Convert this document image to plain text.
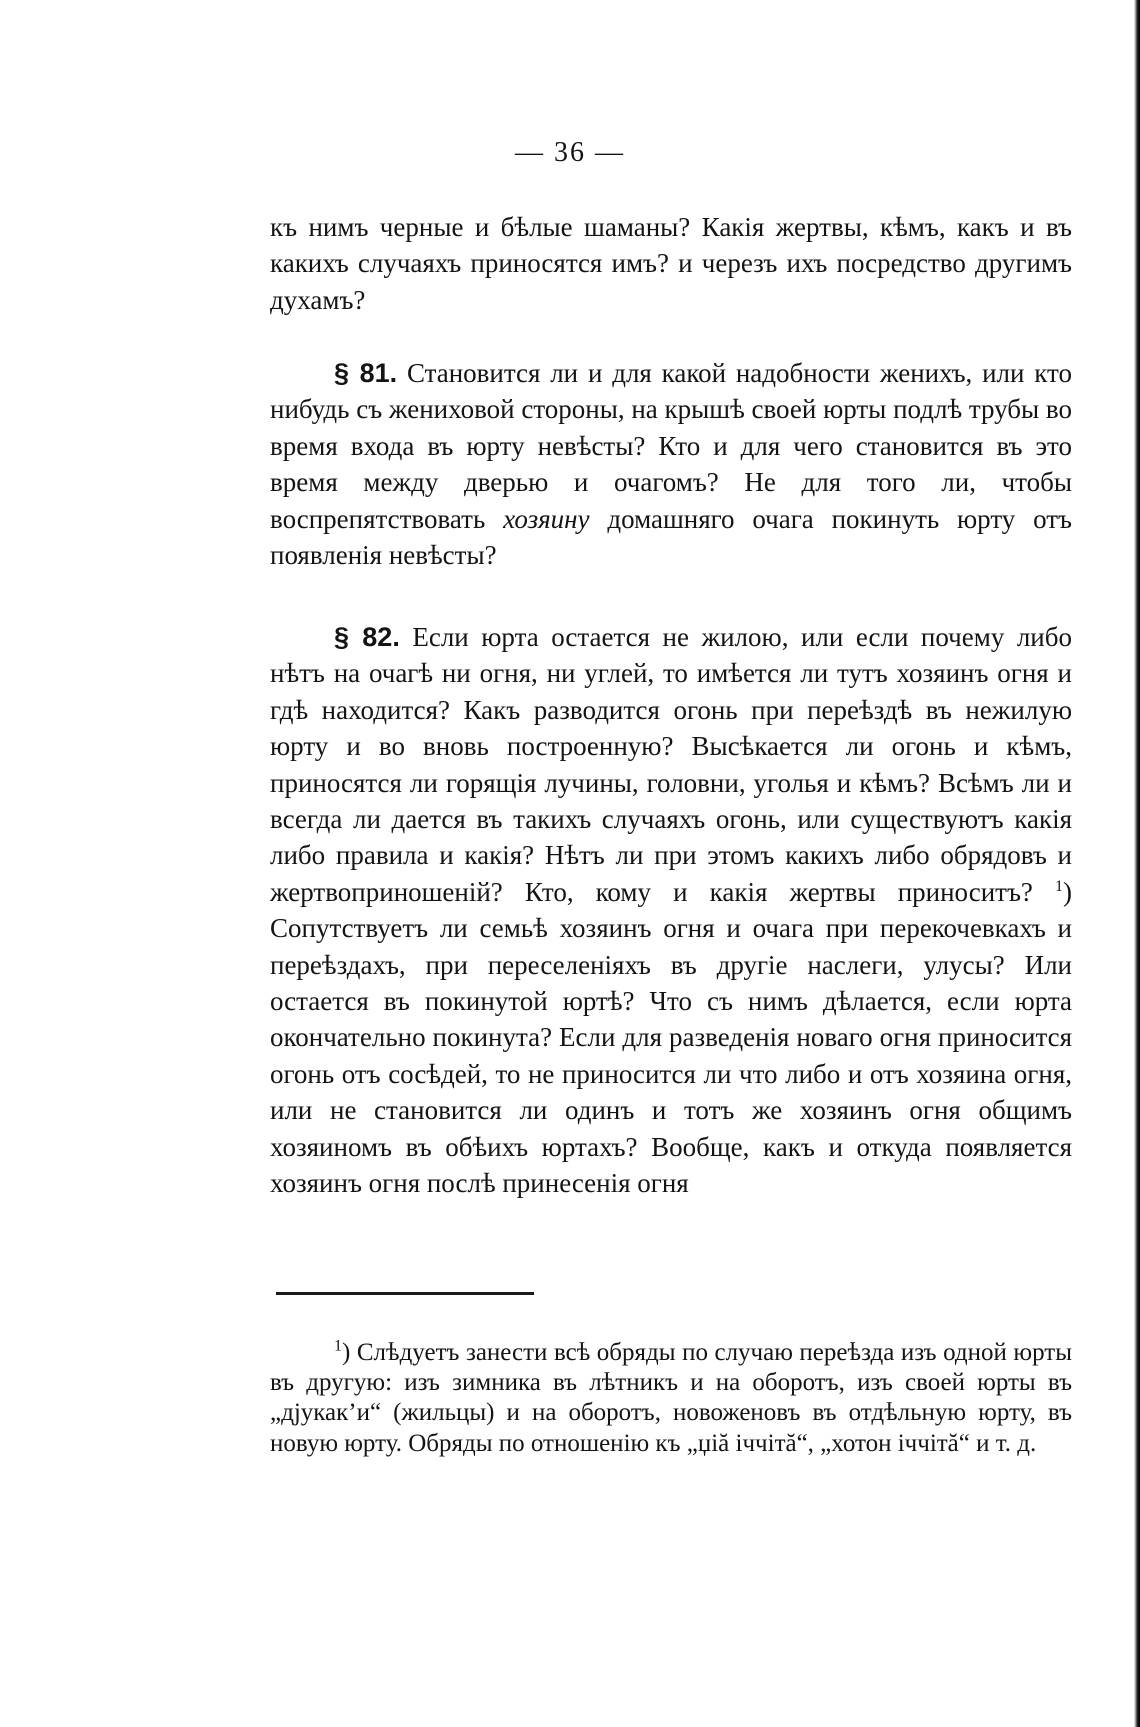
— 36 —

къ нимъ черные и бѣлые шаманы? Какія жертвы, кѣмъ, какъ и въ какихъ случаяхъ приносятся имъ? и черезъ ихъ посредство другимъ духамъ?

§ 81. Становится ли и для какой надобности женихъ, или кто нибудь съ жениховой стороны, на крышѣ своей юрты подлѣ трубы во время входа въ юрту невѣсты? Кто и для чего становится въ это время между дверью и очагомъ? Не для того ли, чтобы воспрепятствовать хозяину домашняго очага покинуть юрту отъ появленія невѣсты?

§ 82. Если юрта остается не жилою, или если почему либо нѣтъ на очагѣ ни огня, ни углей, то имѣется ли тутъ хозяинъ огня и гдѣ находится? Какъ разводится огонь при переѣздѣ въ нежилую юрту и во вновь построенную? Высѣкается ли огонь и кѣмъ, приносятся ли горящія лучины, головни, уголья и кѣмъ? Всѣмъ ли и всегда ли дается въ такихъ случаяхъ огонь, или существуютъ какія либо правила и какія? Нѣтъ ли при этомъ какихъ либо обрядовъ и жертвоприношеній? Кто, кому и какія жертвы приноситъ? $^1$) Сопутствуетъ ли семьѣ хозяинъ огня и очага при перекочевкахъ и переѣздахъ, при переселеніяхъ въ другіе наслеги, улусы? Или остается въ покинутой юртѣ? Что съ нимъ дѣлается, если юрта окончательно покинута? Если для разведенія новаго огня приносится огонь отъ сосѣдей, то не приносится ли что либо и отъ хозяина огня, или не становится ли одинъ и тотъ же хозяинъ огня общимъ хозяиномъ въ обѣихъ юртахъ? Вообще, какъ и откуда появляется хозяинъ огня послѣ принесенія огня

$^1$) Слѣдуетъ занести всѣ обряды по случаю переѣзда изъ одной юрты въ другую: изъ зимника въ лѣтникъ и на оборотъ, изъ своей юрты въ „дјукак’и“ (жильцы) и на оборотъ, новоженовъ въ отдѣльную юрту, въ новую юрту. Обряды по отношенію къ „џiă iччiтă“, „хотон iччiтă“ и т. д.
